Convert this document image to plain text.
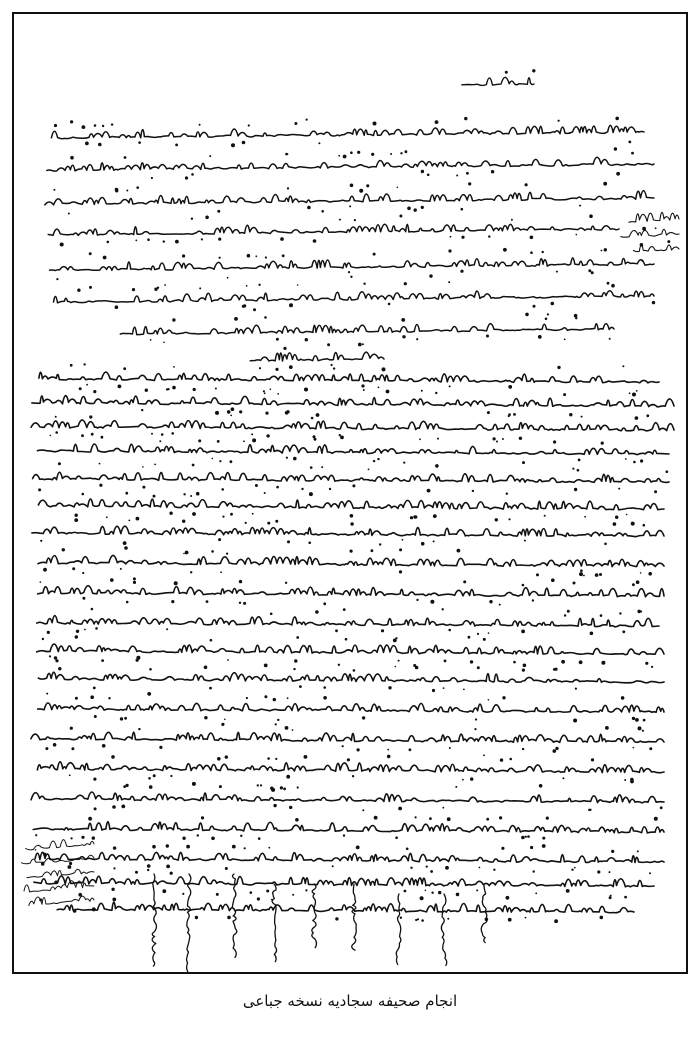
انجام صحیفه سجادیه نسخه جباعی
